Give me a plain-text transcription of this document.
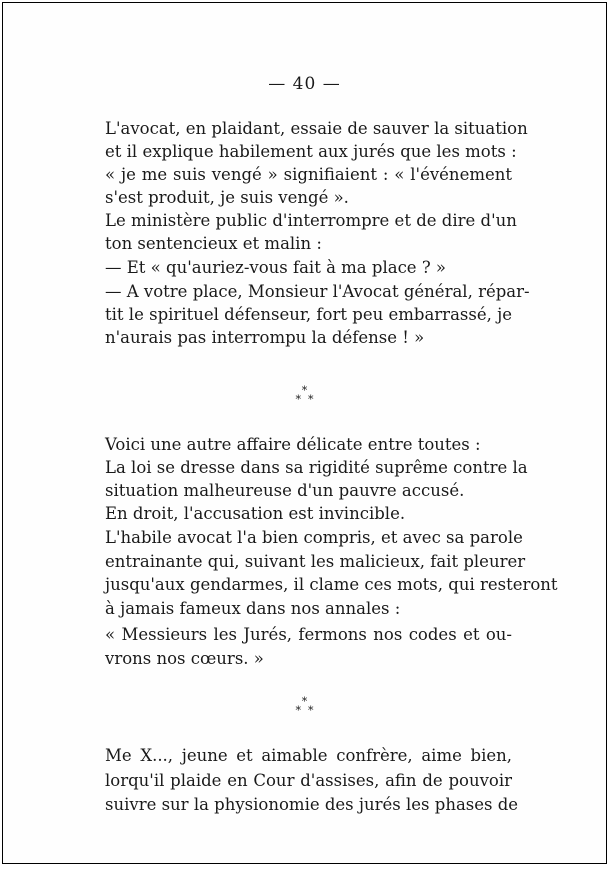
— 40 —
L'avocat, en plaidant, essaie de sauver la situation
et il explique habilement aux jurés que les mots :
« je me suis vengé » signifiaient : « l'événement
s'est produit, je suis vengé ».
Le ministère public d'interrompre et de dire d'un
ton sentencieux et malin :
— Et « qu'auriez-vous fait à ma place ? »
— A votre place, Monsieur l'Avocat général, répar-
tit le spirituel défenseur, fort peu embarrassé, je
n'aurais pas interrompu la défense ! »
*
* *
Voici une autre affaire délicate entre toutes :
La loi se dresse dans sa rigidité suprême contre la
situation malheureuse d'un pauvre accusé.
En droit, l'accusation est invincible.
L'habile avocat l'a bien compris, et avec sa parole
entrainante qui, suivant les malicieux, fait pleurer
jusqu'aux gendarmes, il clame ces mots, qui resteront
à jamais fameux dans nos annales :
« Messieurs les Jurés, fermons nos codes et ou-
vrons nos cœurs. »
*
* *
Me X..., jeune et aimable confrère, aime bien,
lorqu'il plaide en Cour d'assises, afin de pouvoir
suivre sur la physionomie des jurés les phases de
